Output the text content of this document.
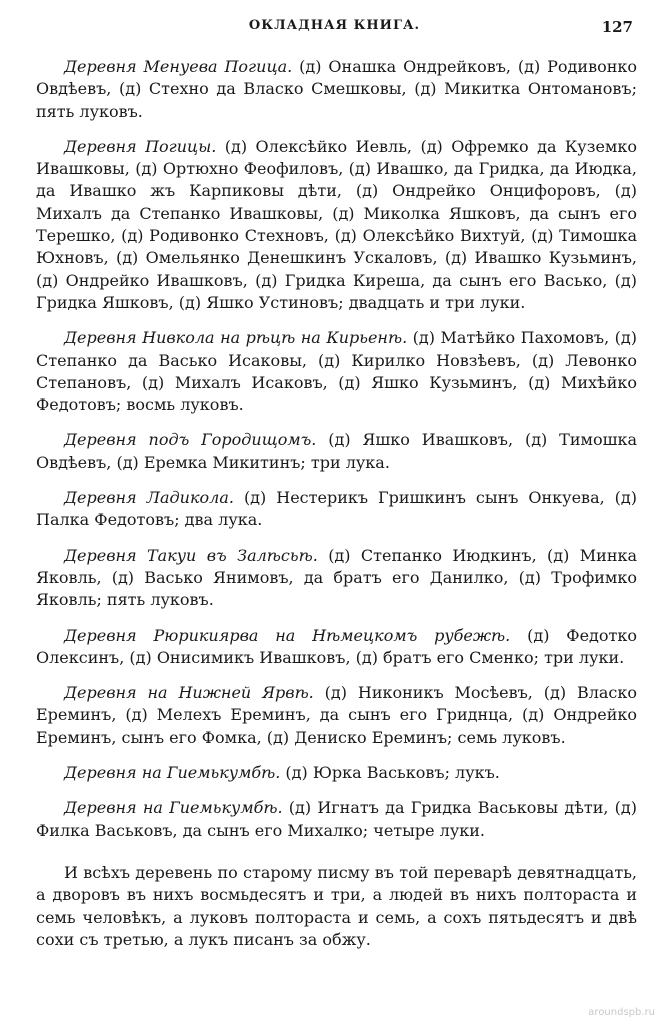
ОКЛАДНАЯ КНИГА.	127

Деревня Менуева Погица. (д) Онашка Ондрейковъ, (д) Родивонко Овдѣевъ, (д) Стехно да Власко Смешковы, (д) Микитка Онтомановъ; пять луковъ.

Деревня Погицы. (д) Олексѣйко Иевль, (д) Офремко да Куземко Ивашковы, (д) Ортюхно Феофиловъ, (д) Ивашко, да Гридка, да Июдка, да Ивашко жъ Карпиковы дѣти, (д) Ондрейко Онцифоровъ, (д) Михалъ да Степанко Ивашковы, (д) Миколка Яшковъ, да сынъ его Терешко, (д) Родивонко Стехновъ, (д) Олексѣйко Вихтуй, (д) Тимошка Юхновъ, (д) Омельянко Денешкинъ Ускаловъ, (д) Ивашко Кузьминъ, (д) Ондрейко Ивашковъ, (д) Гридка Киреша, да сынъ его Васько, (д) Гридка Яшковъ, (д) Яшко Устиновъ; двадцать и три луки.

Деревня Нивкола на рѣцѣ на Кирьенѣ. (д) Матѣйко Пахомовъ, (д) Степанко да Васько Исаковы, (д) Кирилко Новзѣевъ, (д) Левонко Степановъ, (д) Михалъ Исаковъ, (д) Яшко Кузьминъ, (д) Михѣйко Федотовъ; восмь луковъ.

Деревня подъ Городищомъ. (д) Яшко Ивашковъ, (д) Тимошка Овдѣевъ, (д) Еремка Микитинъ; три лука.

Деревня Ладикола. (д) Нестерикъ Гришкинъ сынъ Онкуева, (д) Палка Федотовъ; два лука.

Деревня Такуи въ Залѣсьѣ. (д) Степанко Июдкинъ, (д) Минка Яковль, (д) Васько Янимовъ, да братъ его Данилко, (д) Трофимко Яковль; пять луковъ.

Деревня Рюрикиярва на Нѣмецкомъ рубежѣ. (д) Федотко Олексинъ, (д) Онисимикъ Ивашковъ, (д) братъ его Сменко; три луки.

Деревня на Нижней Ярвѣ. (д) Никоникъ Мосѣевъ, (д) Власко Ереминъ, (д) Мелехъ Ереминъ, да сынъ его Гриднца, (д) Ондрейко Ереминъ, сынъ его Фомка, (д) Дениско Ереминъ; семь луковъ.

Деревня на Гиемькумбѣ. (д) Юрка Васьковъ; лукъ.

Деревня на Гиемькумбѣ. (д) Игнатъ да Гридка Васьковы дѣти, (д) Филка Васьковъ, да сынъ его Михалко; четыре луки.

И всѣхъ деревень по старому писму въ той переварѣ девятнадцать, а дворовъ въ нихъ восмьдесятъ и три, а людей въ нихъ полтораста и семь человѣкъ, а луковъ полтораста и семь, а сохъ пятьдесятъ и двѣ сохи съ третью, а лукъ писанъ за обжу.

aroundspb.ru
